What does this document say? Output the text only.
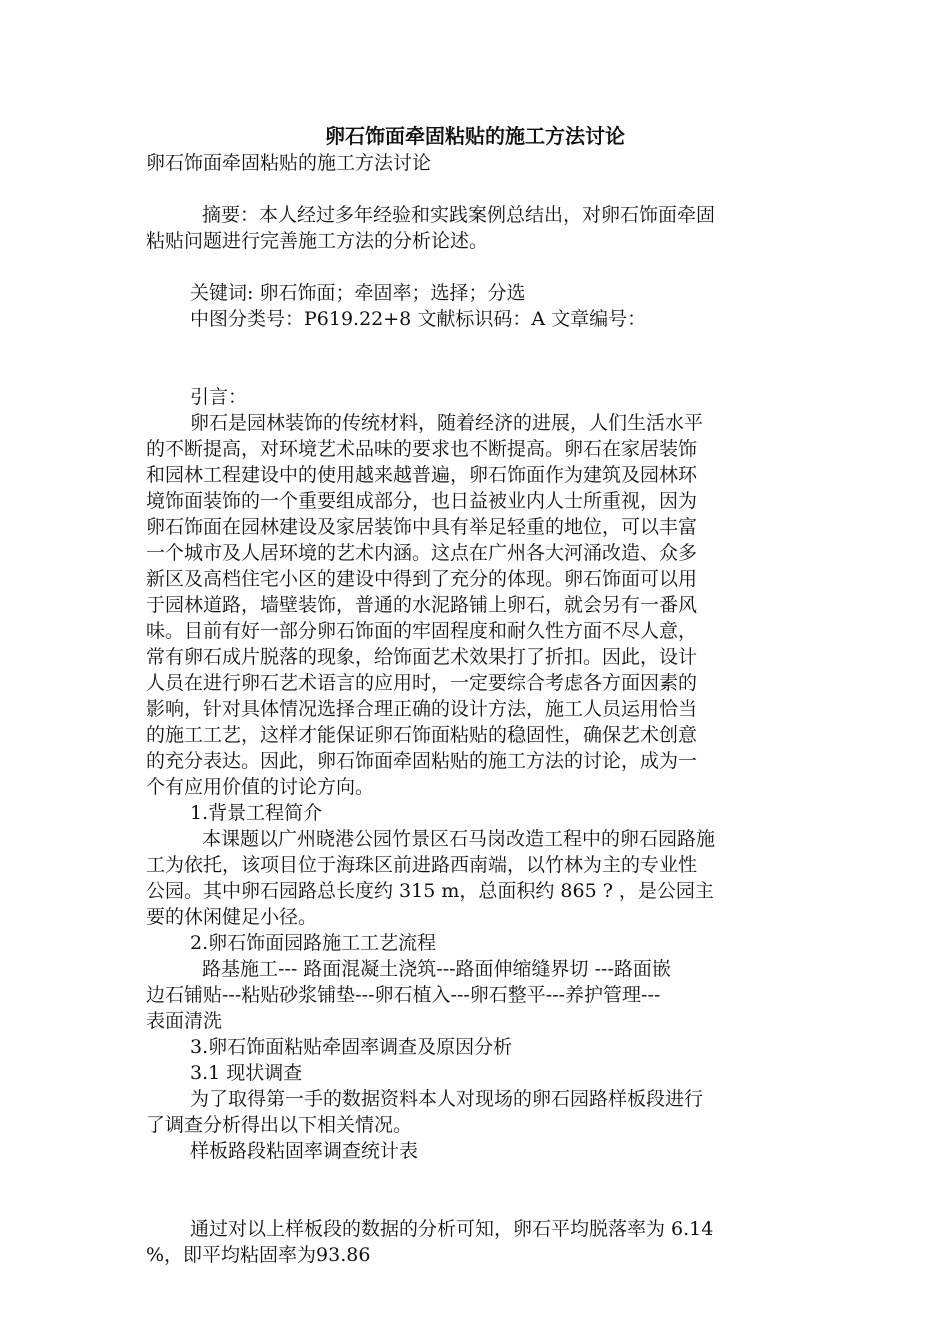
卵石饰面牵固粘贴的施工方法讨论
卵石饰面牵固粘贴的施工方法讨论
摘要：本人经过多年经验和实践案例总结出，对卵石饰面牵固
粘贴问题进行完善施工方法的分析论述。
关键词: 卵石饰面；牵固率；选择；分选
中图分类号：P619.22+8 文献标识码：A 文章编号：
引言：
卵石是园林装饰的传统材料，随着经济的进展，人们生活水平
的不断提高，对环境艺术品味的要求也不断提高。卵石在家居装饰
和园林工程建设中的使用越来越普遍，卵石饰面作为建筑及园林环
境饰面装饰的一个重要组成部分，也日益被业内人士所重视，因为
卵石饰面在园林建设及家居装饰中具有举足轻重的地位，可以丰富
一个城市及人居环境的艺术内涵。这点在广州各大河涌改造、众多
新区及高档住宅小区的建设中得到了充分的体现。卵石饰面可以用
于园林道路，墙壁装饰，普通的水泥路铺上卵石，就会另有一番风
味。目前有好一部分卵石饰面的牢固程度和耐久性方面不尽人意，
常有卵石成片脱落的现象，给饰面艺术效果打了折扣。因此，设计
人员在进行卵石艺术语言的应用时，一定要综合考虑各方面因素的
影响，针对具体情况选择合理正确的设计方法，施工人员运用恰当
的施工工艺，这样才能保证卵石饰面粘贴的稳固性，确保艺术创意
的充分表达。因此，卵石饰面牵固粘贴的施工方法的讨论，成为一
个有应用价值的讨论方向。
1.背景工程简介
本课题以广州晓港公园竹景区石马岗改造工程中的卵石园路施
工为依托，该项目位于海珠区前进路西南端，以竹林为主的专业性
公园。其中卵石园路总长度约 315 m，总面积约 865 ? ，是公园主
要的休闲健足小径。
2.卵石饰面园路施工工艺流程
路基施工--- 路面混凝土浇筑---路面伸缩缝界切 ---路面嵌
边石铺贴---粘贴砂浆铺垫---卵石植入---卵石整平---养护管理---
表面清洗
3.卵石饰面粘贴牵固率调查及原因分析
3.1 现状调查
为了取得第一手的数据资料本人对现场的卵石园路样板段进行
了调查分析得出以下相关情况。
样板路段粘固率调查统计表
通过对以上样板段的数据的分析可知，卵石平均脱落率为 6.14
%，即平均粘固率为93.86
